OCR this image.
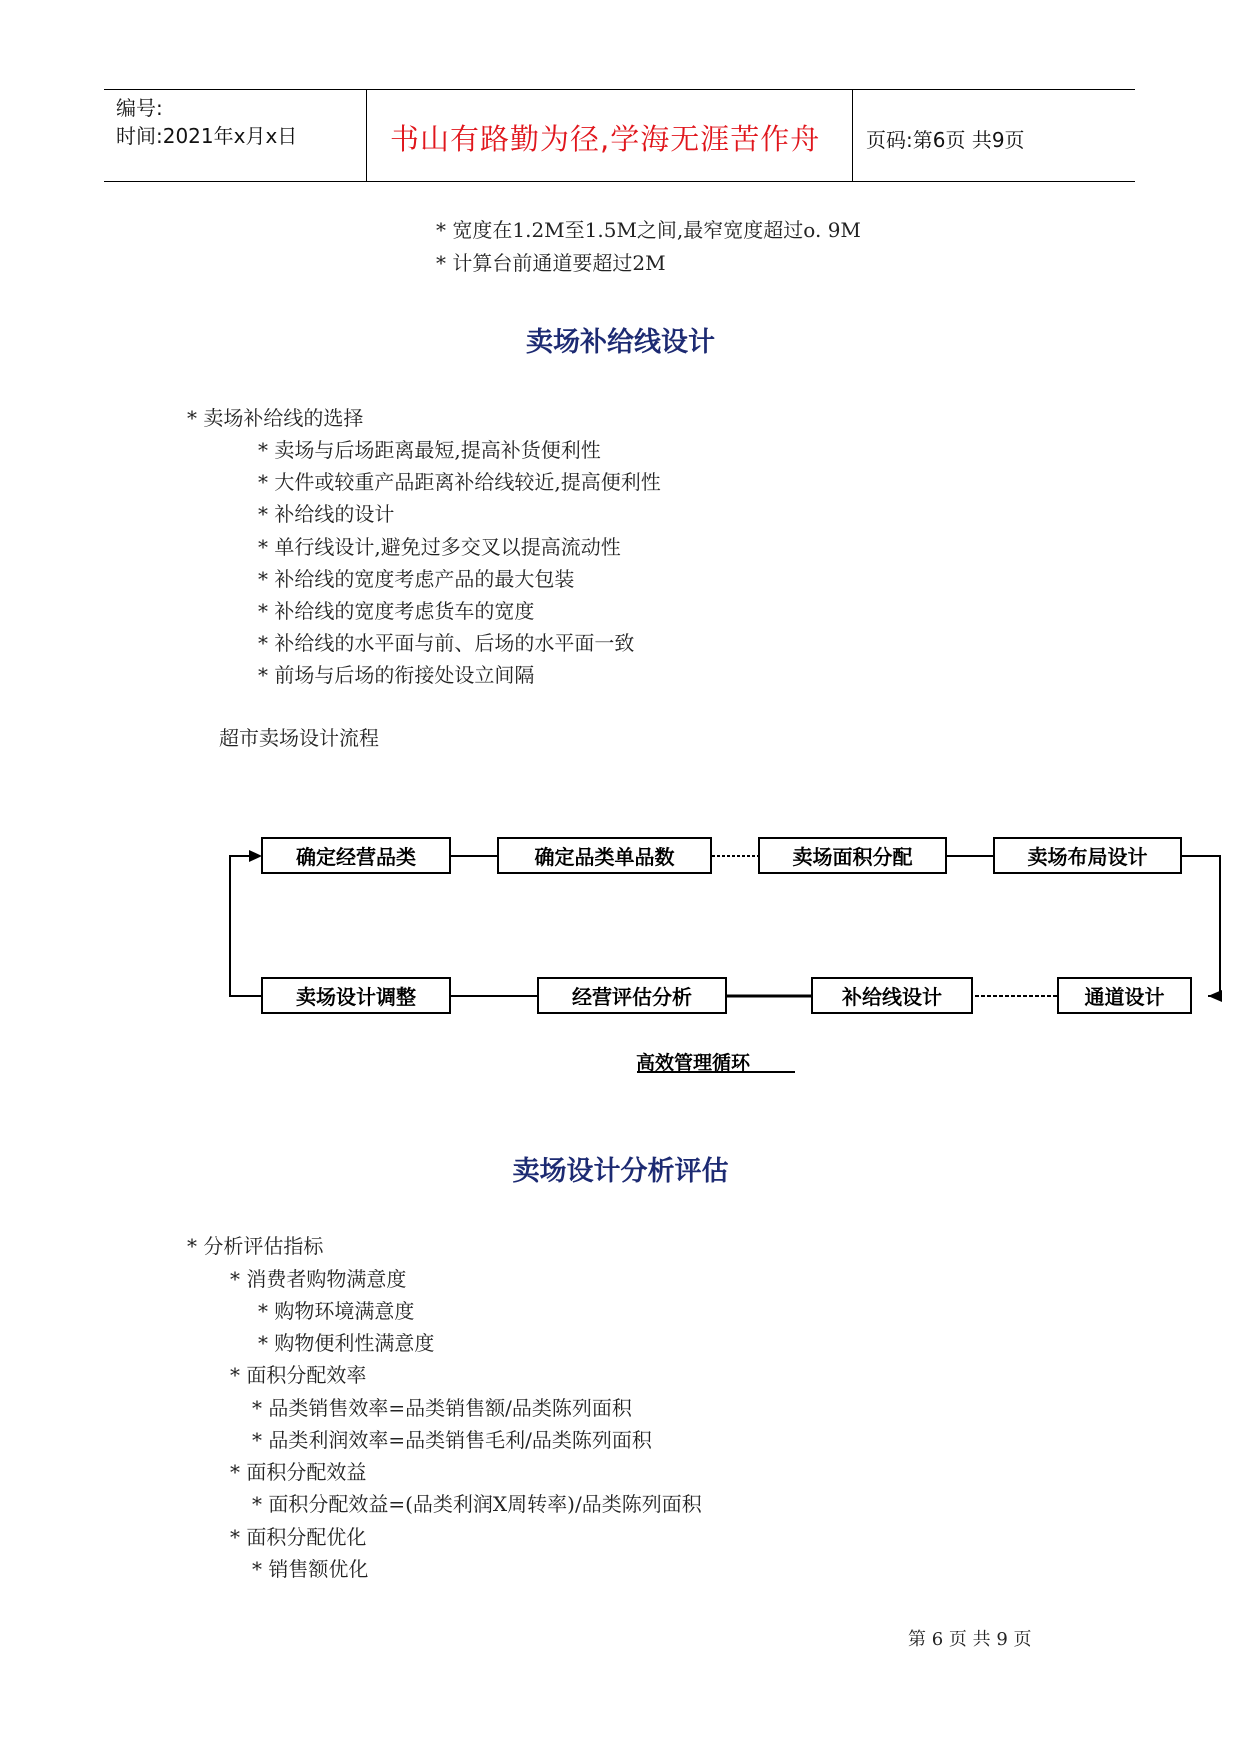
编号:
时间:2021年x月x日	书山有路勤为径,学海无涯苦作舟 页码:第6页 共9页
* 宽度在1.2M至1.5M之间,最窄宽度超过o. 9M
* 计算台前通道要超过2M
卖场补给线设计
* 卖场补给线的选择
* 卖场与后场距离最短,提高补货便利性
* 大件或较重产品距离补给线较近,提高便利性
* 补给线的设计
* 单行线设计,避免过多交叉以提高流动性
* 补给线的宽度考虑产品的最大包装
* 补给线的宽度考虑货车的宽度
* 补给线的水平面与前、后场的水平面一致
* 前场与后场的衔接处设立间隔
超市卖场设计流程
确定经营品类	确定品类单品数	卖场面积分配	卖场布局设计
卖场设计调整	经营评估分析	补给线设计	通道设计
高效管理循环
卖场设计分析评估
* 分析评估指标
* 消费者购物满意度
* 购物环境满意度
* 购物便利性满意度
* 面积分配效率
* 品类销售效率=品类销售额/品类陈列面积
* 品类利润效率=品类销售毛利/品类陈列面积
* 面积分配效益
* 面积分配效益=(品类利润X周转率)/品类陈列面积
* 面积分配优化
* 销售额优化
第 6 页 共 9 页
